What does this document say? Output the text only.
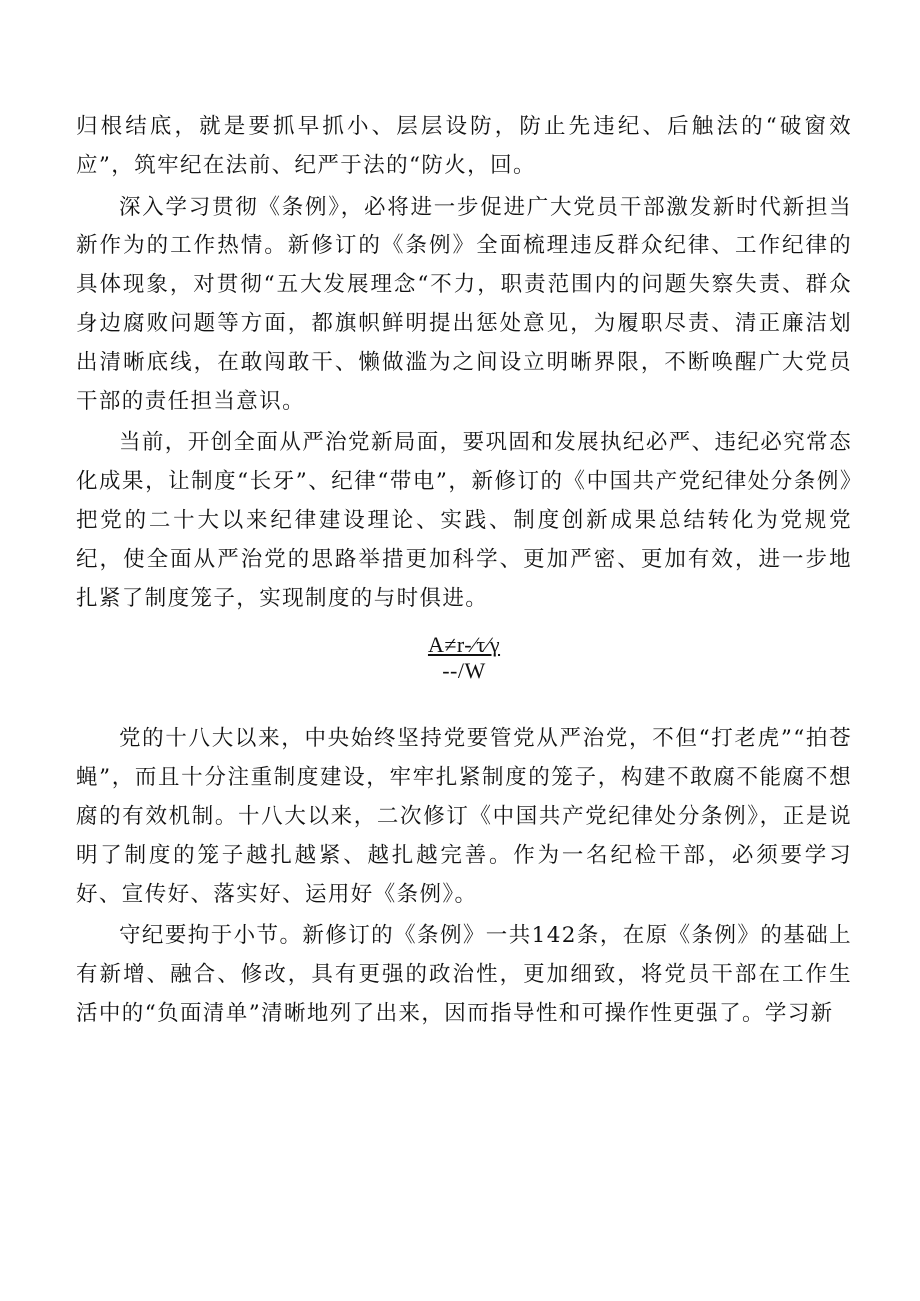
归根结底，就是要抓早抓小、层层设防，防止先违纪、后触法的“破窗效应”，筑牢纪在法前、纪严于法的“防火，回。

深入学习贯彻《条例》，必将进一步促进广大党员干部激发新时代新担当新作为的工作热情。新修订的《条例》全面梳理违反群众纪律、工作纪律的具体现象，对贯彻“五大发展理念“不力，职责范围内的问题失察失责、群众身边腐败问题等方面，都旗帜鲜明提出惩处意见，为履职尽责、清正廉洁划出清晰底线，在敢闯敢干、懒做滥为之间设立明晰界限，不断唤醒广大党员干部的责任担当意识。

当前，开创全面从严治党新局面，要巩固和发展执纪必严、违纪必究常态化成果，让制度“长牙”、纪律“带电”，新修订的《中国共产党纪律处分条例》把党的二十大以来纪律建设理论、实践、制度创新成果总结转化为党规党纪，使全面从严治党的思路举措更加科学、更加严密、更加有效，进一步地扎紧了制度笼子，实现制度的与时俱进。

A≠r-∕τ∕γ
--/W

党的十八大以来，中央始终坚持党要管党从严治党，不但“打老虎”“拍苍蝇”，而且十分注重制度建设，牢牢扎紧制度的笼子，构建不敢腐不能腐不想腐的有效机制。十八大以来，二次修订《中国共产党纪律处分条例》，正是说明了制度的笼子越扎越紧、越扎越完善。作为一名纪检干部，必须要学习好、宣传好、落实好、运用好《条例》。

守纪要拘于小节。新修订的《条例》一共142条，在原《条例》的基础上有新增、融合、修改，具有更强的政治性，更加细致，将党员干部在工作生活中的“负面清单”清晰地列了出来，因而指导性和可操作性更强了。学习新
